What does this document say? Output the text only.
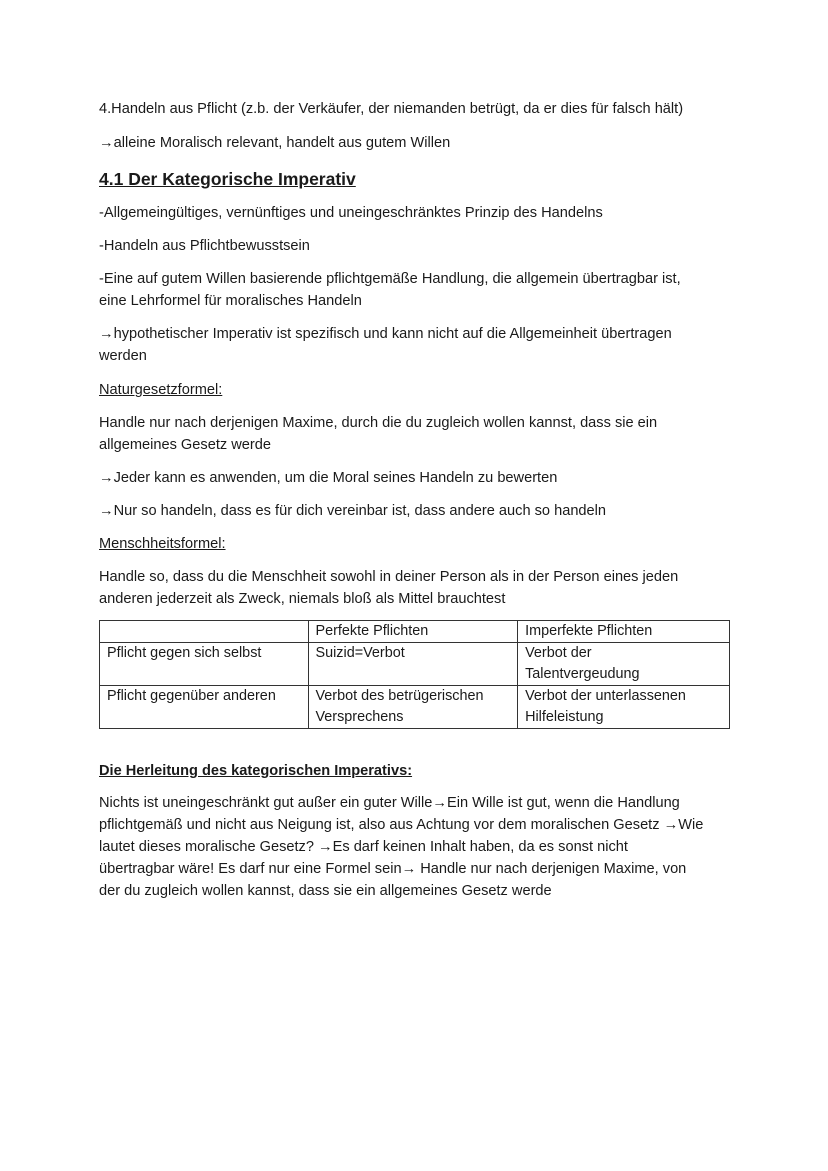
4.Handeln aus Pflicht (z.b. der Verkäufer, der niemanden betrügt, da er dies für falsch hält)

→alleine Moralisch relevant, handelt aus gutem Willen

4.1 Der Kategorische Imperativ

-Allgemeingültiges, vernünftiges und uneingeschränktes Prinzip des Handelns

-Handeln aus Pflichtbewusstsein

-Eine auf gutem Willen basierende pflichtgemäße Handlung, die allgemein übertragbar ist,

eine Lehrformel für moralisches Handeln

→hypothetischer Imperativ ist spezifisch und kann nicht auf die Allgemeinheit übertragen

werden

Naturgesetzformel:

Handle nur nach derjenigen Maxime, durch die du zugleich wollen kannst, dass sie ein

allgemeines Gesetz werde

→Jeder kann es anwenden, um die Moral seines Handeln zu bewerten

→Nur so handeln, dass es für dich vereinbar ist, dass andere auch so handeln

Menschheitsformel:

Handle so, dass du die Menschheit sowohl in deiner Person als in der Person eines jeden

anderen jederzeit als Zweck, niemals bloß als Mittel brauchtest

	Perfekte Pflichten	Imperfekte Pflichten
Pflicht gegen sich selbst	Suizid=Verbot	Verbot der Talentvergeudung
Pflicht gegenüber anderen	Verbot des betrügerischen Versprechens	Verbot der unterlassenen Hilfeleistung

Die Herleitung des kategorischen Imperativs:

Nichts ist uneingeschränkt gut außer ein guter Wille→Ein Wille ist gut, wenn die Handlung

pflichtgemäß und nicht aus Neigung ist, also aus Achtung vor dem moralischen Gesetz →Wie

lautet dieses moralische Gesetz? →Es darf keinen Inhalt haben, da es sonst nicht

übertragbar wäre! Es darf nur eine Formel sein→ Handle nur nach derjenigen Maxime, von

der du zugleich wollen kannst, dass sie ein allgemeines Gesetz werde
